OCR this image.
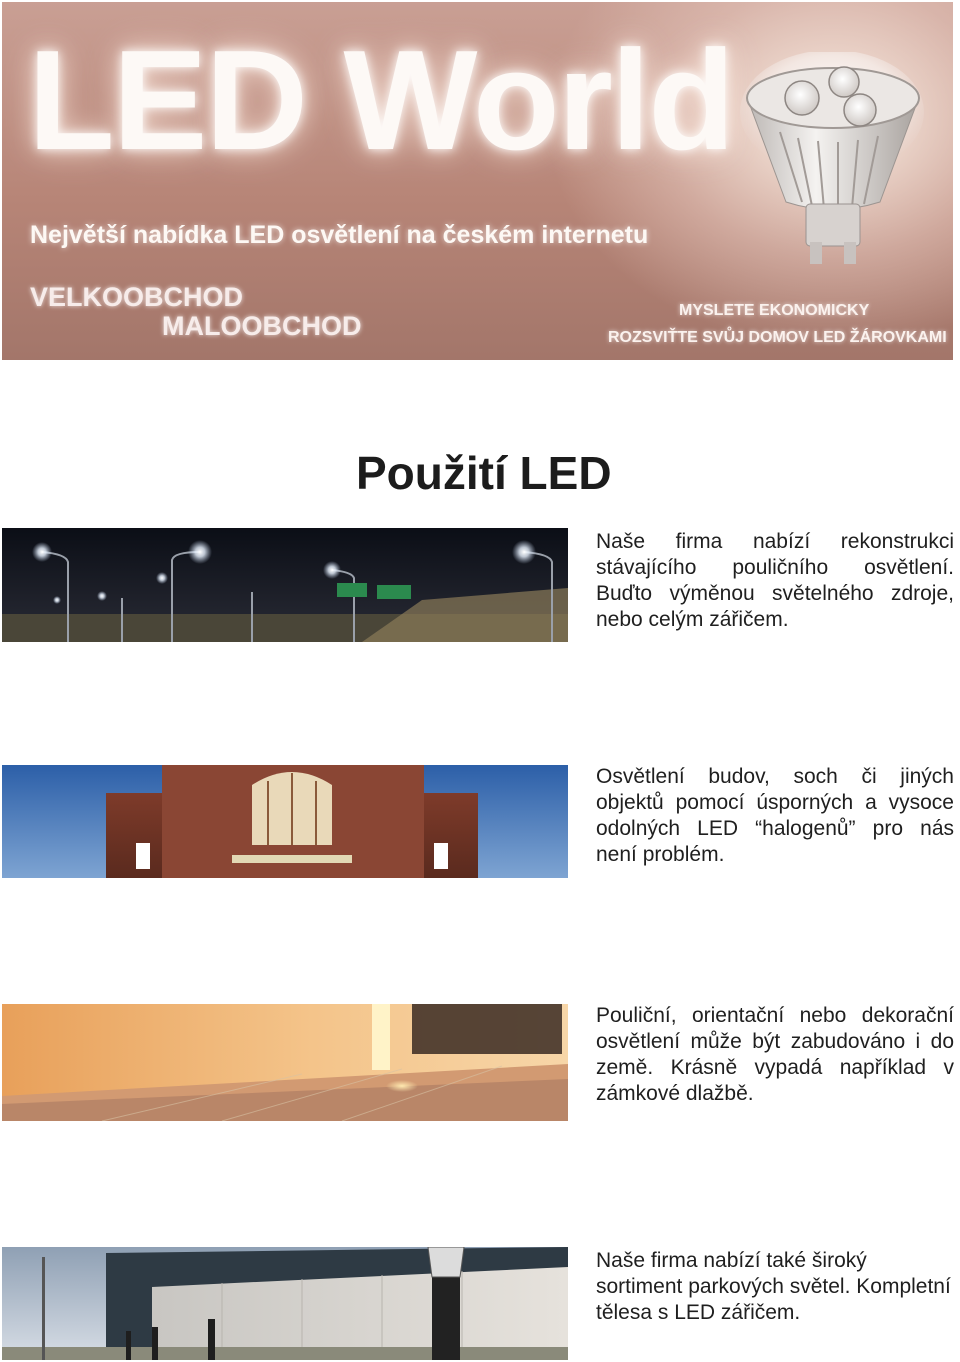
LED World
Největší nabídka LED osvětlení na českém internetu
VELKOOBCHOD
MALOOBCHOD
MYSLETE EKONOMICKY
ROZSVIŤTE SVŮJ DOMOV LED ŽÁROVKAMI
Použití LED
Naše firma nabízí rekonstrukci stávajícího pouličního osvětlení. Buďto výměnou světelného zdroje, nebo celým zářičem.
Osvětlení budov, soch či jiných objektů pomocí úsporných a vysoce odolných LED “halogenů” pro nás není problém.
Pouliční, orientační nebo dekorační osvětlení může být zabudováno i do země. Krásně vypadá například v zámkové dlažbě.
Naše firma nabízí také široký sortiment parkových světel. Kompletní tělesa s LED zářičem.
